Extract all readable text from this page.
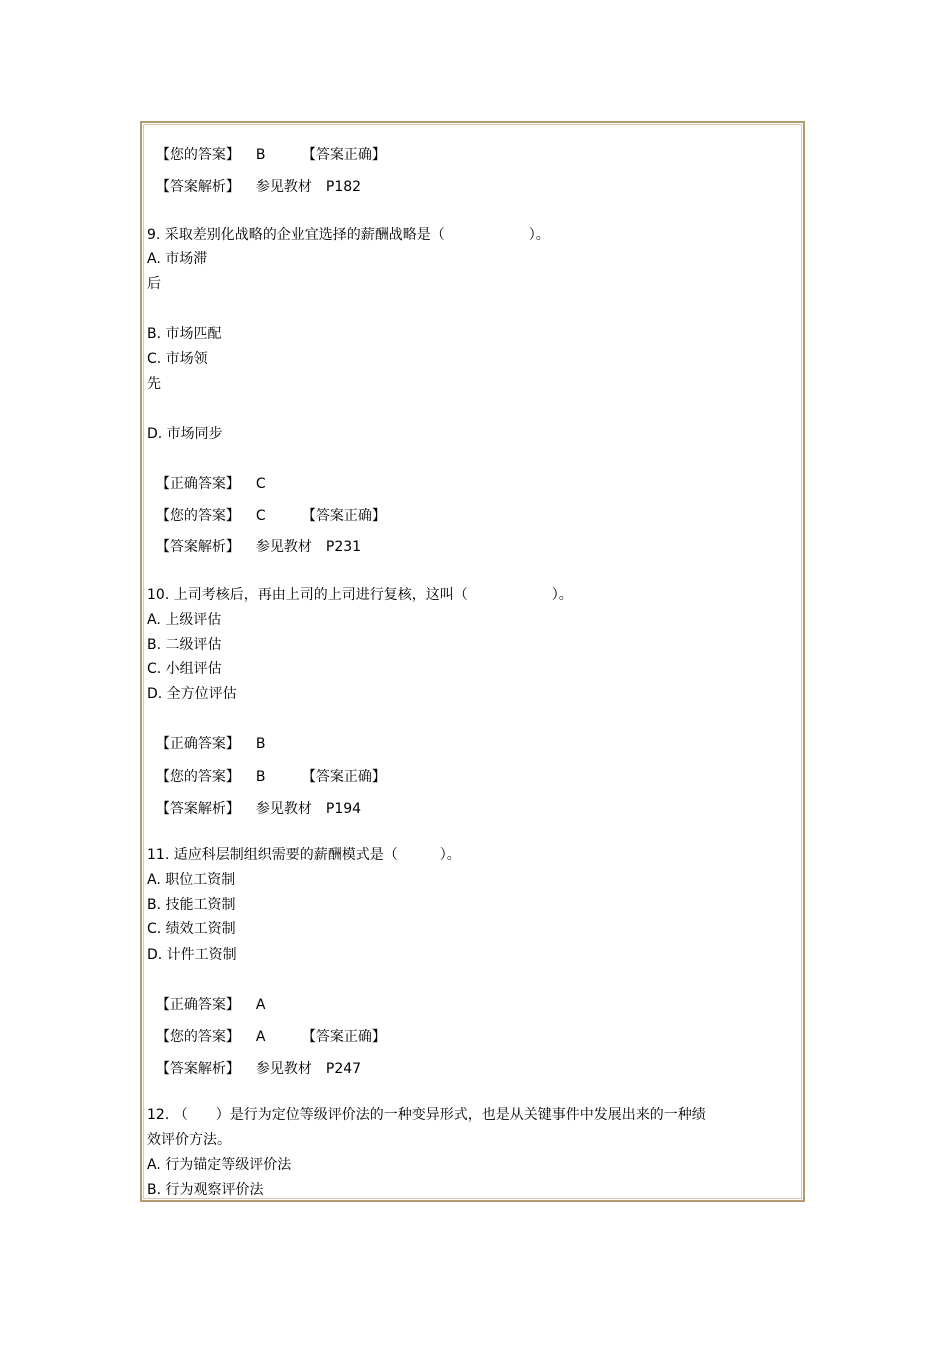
【您的答案】 B	【答案正确】

【答案解析】 参见教材　P182

9. 采取差别化战略的企业宜选择的薪酬战略是（　　　　　　）。
A. 市场滞
后
B. 市场匹配
C. 市场领
先
D. 市场同步

【正确答案】 C

【您的答案】 C	【答案正确】

【答案解析】 参见教材　P231

10. 上司考核后，再由上司的上司进行复核，这叫（　　　　　　）。
A. 上级评估
B. 二级评估
C. 小组评估
D. 全方位评估

【正确答案】 B

【您的答案】 B	【答案正确】

【答案解析】 参见教材　P194

11. 适应科层制组织需要的薪酬模式是（　　　）。
A. 职位工资制
B. 技能工资制
C. 绩效工资制
D. 计件工资制

【正确答案】 A

【您的答案】 A	【答案正确】

【答案解析】 参见教材　P247

12. （　　）是行为定位等级评价法的一种变异形式，也是从关键事件中发展出来的一种绩
效评价方法。
A. 行为锚定等级评价法
B. 行为观察评价法
